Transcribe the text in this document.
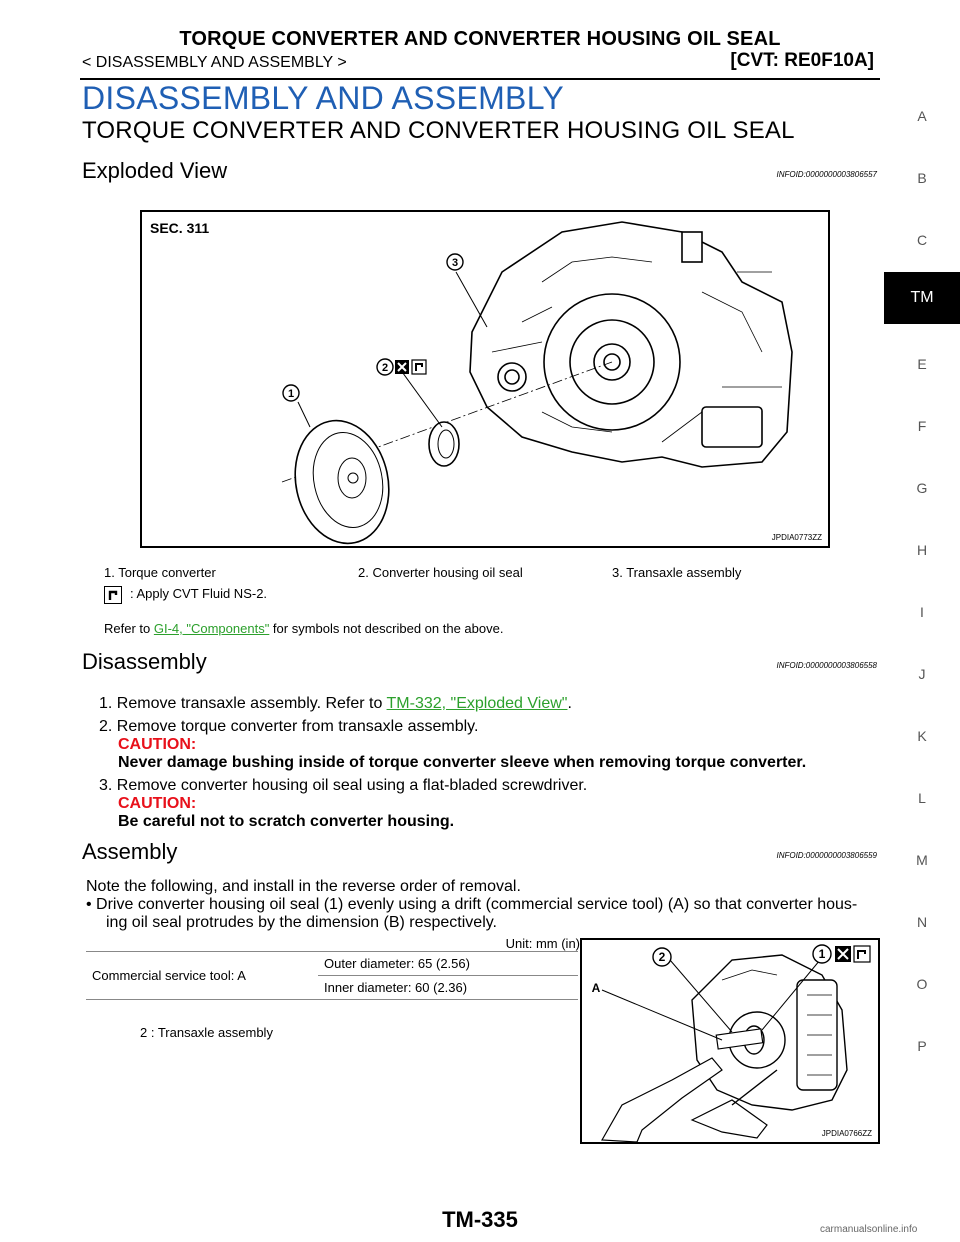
TORQUE CONVERTER AND CONVERTER HOUSING OIL SEAL
< DISASSEMBLY AND ASSEMBLY >	[CVT: RE0F10A]
A
B
C
TM
E
F
G
H
I
J
K
L
M
N
O
P
DISASSEMBLY AND ASSEMBLY
TORQUE CONVERTER AND CONVERTER HOUSING OIL SEAL
Exploded View	INFOID:0000000003806557
3
2
1
SEC. 311
JPDIA0773ZZ
1. Torque converter	2. Converter housing oil seal	3. Transaxle assembly
: Apply CVT Fluid NS-2.
Refer to GI-4, "Components" for symbols not described on the above.
Disassembly	INFOID:0000000003806558
1. Remove transaxle assembly. Refer to TM-332, "Exploded View".
2. Remove torque converter from transaxle assembly.
CAUTION:
Never damage bushing inside of torque converter sleeve when removing torque converter.
3. Remove converter housing oil seal using a flat-bladed screwdriver.
CAUTION:
Be careful not to scratch converter housing.
Assembly	INFOID:0000000003806559
Note the following, and install in the reverse order of removal.
• Drive converter housing oil seal (1) evenly using a drift (commercial service tool) (A) so that converter hous-
ing oil seal protrudes by the dimension (B) respectively.
Unit: mm (in)
Commercial service tool: A	Outer diameter: 65 (2.56)
Inner diameter: 60 (2.36)
2 : Transaxle assembly
2	1
A
JPDIA0766ZZ
TM-335	carmanualsonline.info
